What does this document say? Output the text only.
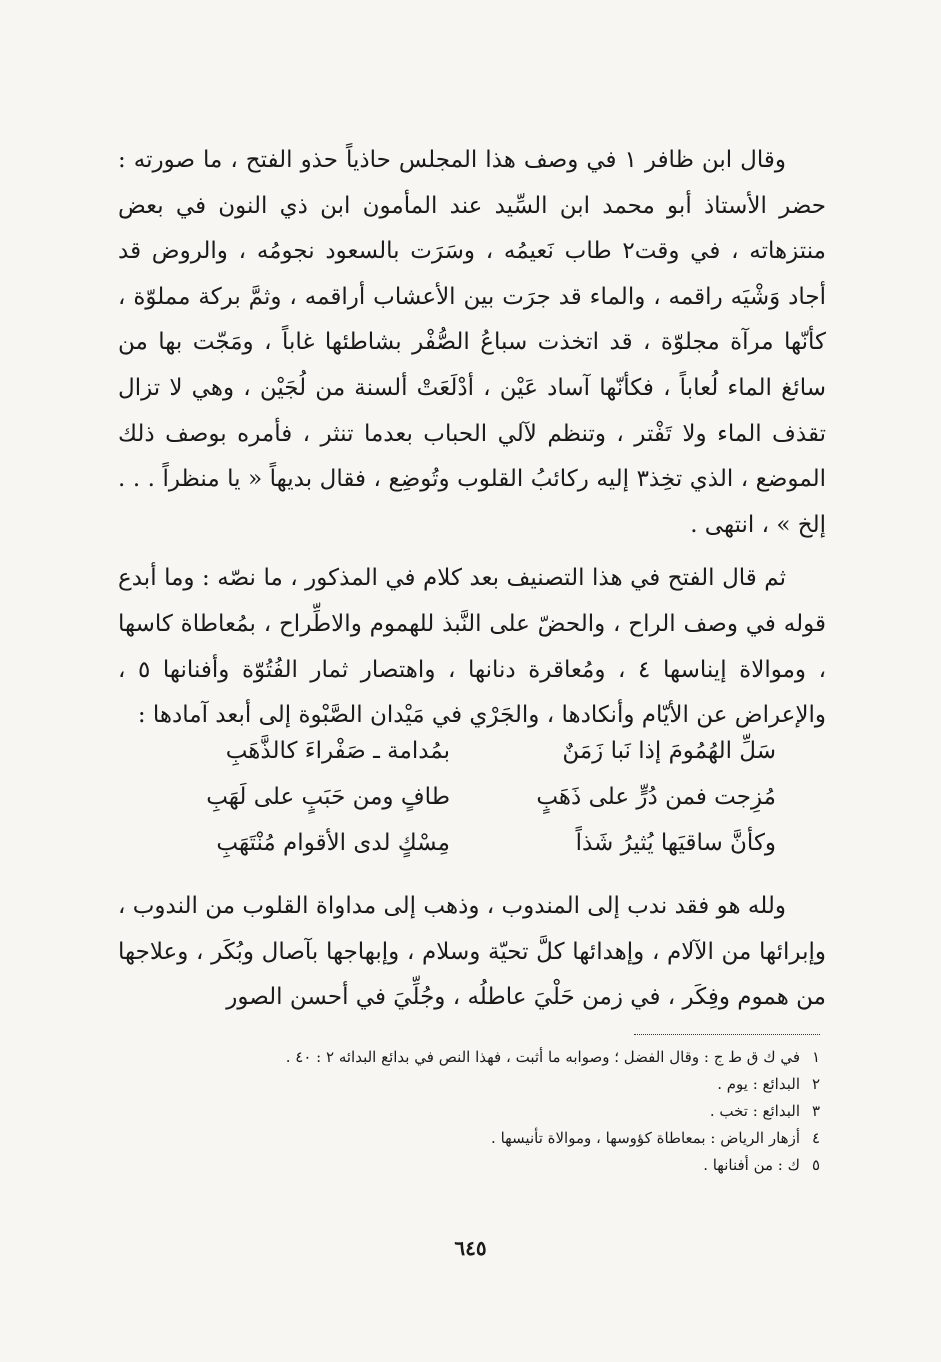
وقال ابن ظافر ١ في وصف هذا المجلس حاذياً حذو الفتح ، ما صورته : حضر الأستاذ أبو محمد ابن السِّيد عند المأمون ابن ذي النون في بعض منتزهاته ، في وقت٢ طاب نَعيمُه ، وسَرَت بالسعود نجومُه ، والروض قد أجاد وَشْيَه راقمه ، والماء قد جرَت بين الأعشاب أراقمه ، وثمَّ بركة مملوّة ، كأنّها مرآة مجلوّة ، قد اتخذت سباعُ الصُّفْر بشاطئها غاباً ، ومَجّت بها من سائغ الماء لُعاباً ، فكأنّها آساد عَيْن ، أدْلَعَتْ ألسنة من لُجَيْن ، وهي لا تزال تقذف الماء ولا تَفْتر ، وتنظم لآلي الحباب بعدما تنثر ، فأمره بوصف ذلك الموضع ، الذي تخِذ٣ إليه ركائبُ القلوب وتُوضِع ، فقال بديهاً « يا منظراً . . . إلخ » ، انتهى .

ثم قال الفتح في هذا التصنيف بعد كلام في المذكور ، ما نصّه : وما أبدع قوله في وصف الراح ، والحضّ على النَّبذ للهموم والاطِّراح ، بمُعاطاة كاسها ، وموالاة إيناسها ٤ ، ومُعاقرة دنانها ، واهتصار ثمار الفُتُوّة وأفنانها ٥ ، والإعراض عن الأيّام وأنكادها ، والجَرْي في مَيْدان الصَّبْوة إلى أبعد آمادها :

سَلِّ الهُمُومَ إذا نَبا زَمَنٌ
بمُدامة ـ صَفْراءَ كالذَّهَبِ
مُزِجت فمن دُرٍّ على ذَهَبٍ
طافٍ ومن حَبَبٍ على لَهَبِ
وكأنَّ ساقيَها يُثيرُ شَذاً
مِسْكٍ لدى الأقوام مُنْتَهَبِ

ولله هو فقد ندب إلى المندوب ، وذهب إلى مداواة القلوب من الندوب ، وإبرائها من الآلام ، وإهدائها كلَّ تحيّة وسلام ، وإبهاجها بآصال وبُكَر ، وعلاجها من هموم وفِكَر ، في زمن حَلْيَ عاطلُه ، وجُلِّيَ في أحسن الصور

١
في ك ق ط ج : وقال الفضل ؛ وصوابه ما أثبت ، فهذا النص في بدائع البدائه ٢ : ٤٠ .
٢
البدائع : يوم .
٣
البدائع : تخب .
٤
أزهار الرياض : بمعاطاة كؤوسها ، وموالاة تأنيسها .
٥
ك : من أفنانها .
٦٤٥
